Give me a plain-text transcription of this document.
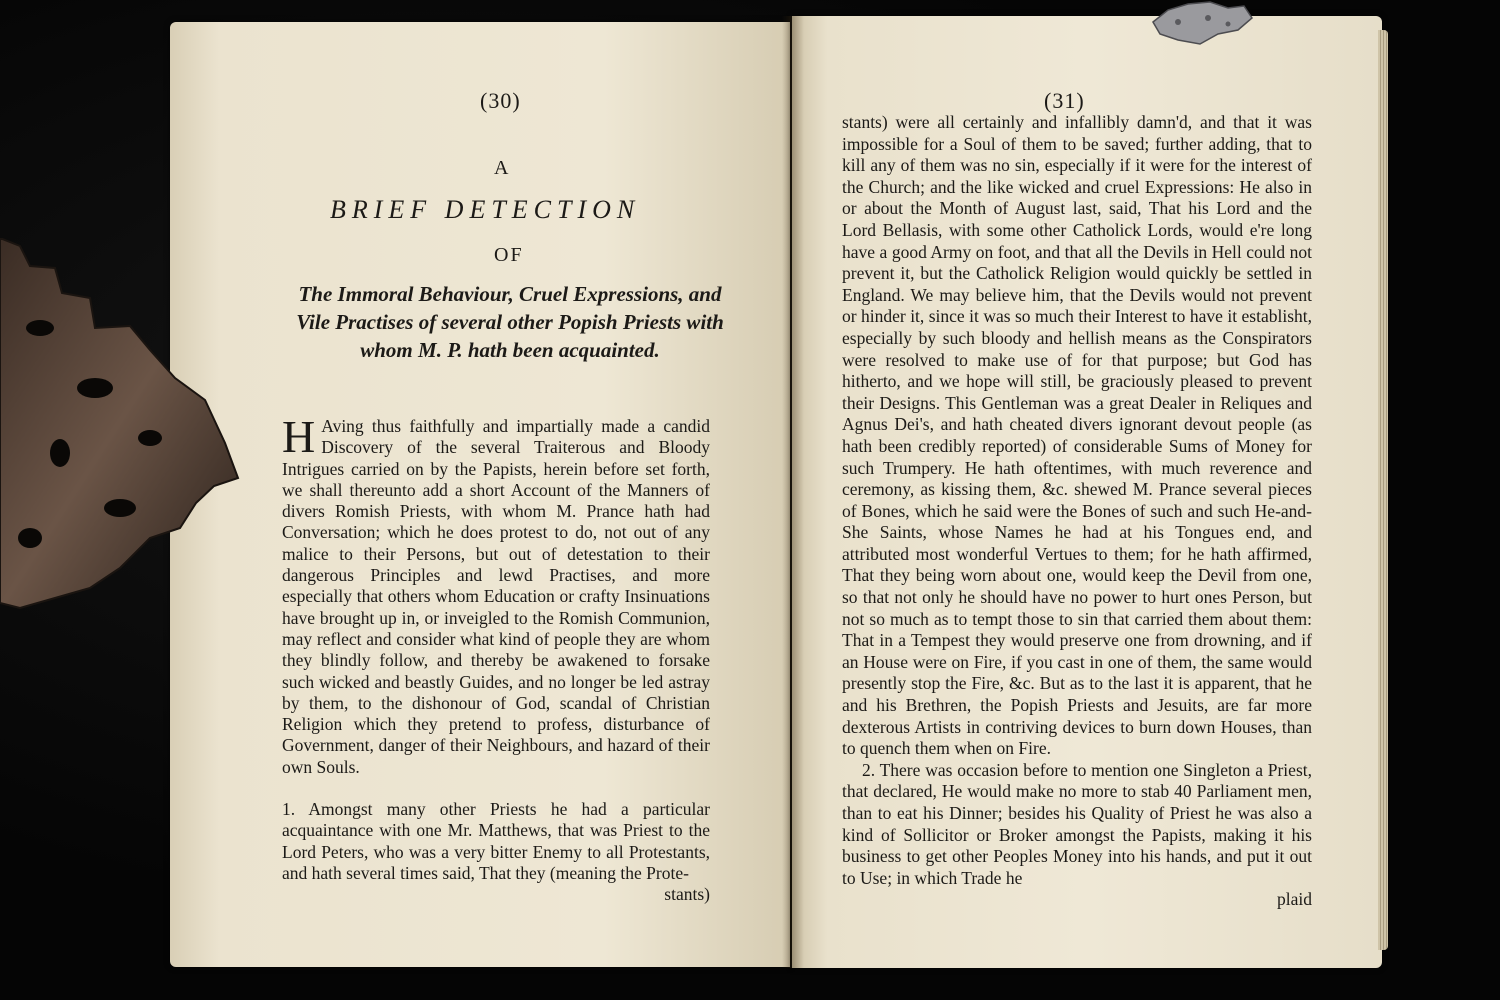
(30)
A
BRIEF DETECTION
OF
The Immoral Behaviour, Cruel Expressions, and Vile Practises of several other Popish Priests with whom M. P. hath been acquainted.

H Aving thus faithfully and impartially made a candid Discovery of the several Traiterous and Bloody Intrigues carried on by the Papists, herein before set forth, we shall thereunto add a short Account of the Manners of divers Romish Priests, with whom M. Prance hath had Conversation; which he does protest to do, not out of any malice to their Persons, but out of detestation to their dangerous Principles and lewd Practises, and more especially that others whom Education or crafty Insinuations have brought up in, or inveigled to the Romish Communion, may reflect and consider what kind of people they are whom they blindly follow, and thereby be awakened to forsake such wicked and beastly Guides, and no longer be led astray by them, to the dishonour of God, scandal of Christian Religion which they pretend to profess, disturbance of Government, danger of their Neighbours, and hazard of their own Souls.

1. Amongst many other Priests he had a particular acquaintance with one Mr. Matthews, that was Priest to the Lord Peters, who was a very bitter Enemy to all Protestants, and hath several times said, That they (meaning the Prote-

stants)

(31)

stants) were all certainly and infallibly damn'd, and that it was impossible for a Soul of them to be saved; further adding, that to kill any of them was no sin, especially if it were for the interest of the Church; and the like wicked and cruel Expressions: He also in or about the Month of August last, said, That his Lord and the Lord Bellasis, with some other Catholick Lords, would e're long have a good Army on foot, and that all the Devils in Hell could not prevent it, but the Catholick Religion would quickly be settled in England. We may believe him, that the Devils would not prevent or hinder it, since it was so much their Interest to have it establisht, especially by such bloody and hellish means as the Conspirators were resolved to make use of for that purpose; but God has hitherto, and we hope will still, be graciously pleased to prevent their Designs. This Gentleman was a great Dealer in Reliques and Agnus Dei's, and hath cheated divers ignorant devout people (as hath been credibly reported) of considerable Sums of Money for such Trumpery. He hath oftentimes, with much reverence and ceremony, as kissing them, &c. shewed M. Prance several pieces of Bones, which he said were the Bones of such and such He-and-She Saints, whose Names he had at his Tongues end, and attributed most wonderful Vertues to them; for he hath affirmed, That they being worn about one, would keep the Devil from one, so that not only he should have no power to hurt ones Person, but not so much as to tempt those to sin that carried them about them: That in a Tempest they would preserve one from drowning, and if an House were on Fire, if you cast in one of them, the same would presently stop the Fire, &c. But as to the last it is apparent, that he and his Brethren, the Popish Priests and Jesuits, are far more dexterous Artists in contriving devices to burn down Houses, than to quench them when on Fire.

2. There was occasion before to mention one Singleton a Priest, that declared, He would make no more to stab 40 Parliament men, than to eat his Dinner; besides his Quality of Priest he was also a kind of Sollicitor or Broker amongst the Papists, making it his business to get other Peoples Money into his hands, and put it out to Use; in which Trade he

plaid
